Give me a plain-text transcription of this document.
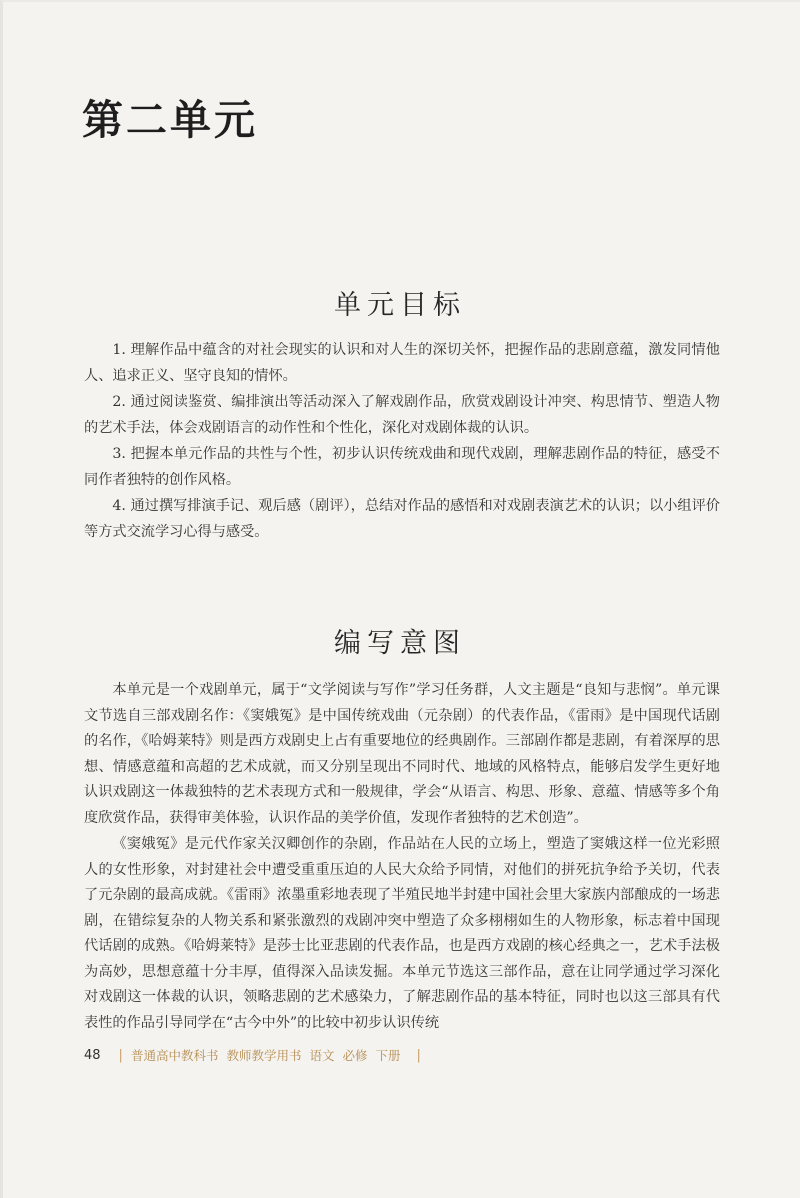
第二单元
单元目标

1. 理解作品中蕴含的对社会现实的认识和对人生的深切关怀，把握作品的悲剧意蕴，激发同情他人、追求正义、坚守良知的情怀。

2. 通过阅读鉴赏、编排演出等活动深入了解戏剧作品，欣赏戏剧设计冲突、构思情节、塑造人物的艺术手法，体会戏剧语言的动作性和个性化，深化对戏剧体裁的认识。

3. 把握本单元作品的共性与个性，初步认识传统戏曲和现代戏剧，理解悲剧作品的特征，感受不同作者独特的创作风格。

4. 通过撰写排演手记、观后感（剧评），总结对作品的感悟和对戏剧表演艺术的认识；以小组评价等方式交流学习心得与感受。

编写意图

本单元是一个戏剧单元，属于“文学阅读与写作”学习任务群，人文主题是“良知与悲悯”。单元课文节选自三部戏剧名作：《窦娥冤》是中国传统戏曲（元杂剧）的代表作品，《雷雨》是中国现代话剧的名作，《哈姆莱特》则是西方戏剧史上占有重要地位的经典剧作。三部剧作都是悲剧，有着深厚的思想、情感意蕴和高超的艺术成就，而又分别呈现出不同时代、地域的风格特点，能够启发学生更好地认识戏剧这一体裁独特的艺术表现方式和一般规律，学会“从语言、构思、形象、意蕴、情感等多个角度欣赏作品，获得审美体验，认识作品的美学价值，发现作者独特的艺术创造”。

《窦娥冤》是元代作家关汉卿创作的杂剧，作品站在人民的立场上，塑造了窦娥这样一位光彩照人的女性形象，对封建社会中遭受重重压迫的人民大众给予同情，对他们的拼死抗争给予关切，代表了元杂剧的最高成就。《雷雨》浓墨重彩地表现了半殖民地半封建中国社会里大家族内部酿成的一场悲剧，在错综复杂的人物关系和紧张激烈的戏剧冲突中塑造了众多栩栩如生的人物形象，标志着中国现代话剧的成熟。《哈姆莱特》是莎士比亚悲剧的代表作品，也是西方戏剧的核心经典之一，艺术手法极为高妙，思想意蕴十分丰厚，值得深入品读发掘。本单元节选这三部作品，意在让同学通过学习深化对戏剧这一体裁的认识，领略悲剧的艺术感染力，了解悲剧作品的基本特征，同时也以这三部具有代表性的作品引导同学在“古今中外”的比较中初步认识传统

48 | 普通高中教科书 教师教学用书 语文 必修 下册 |
